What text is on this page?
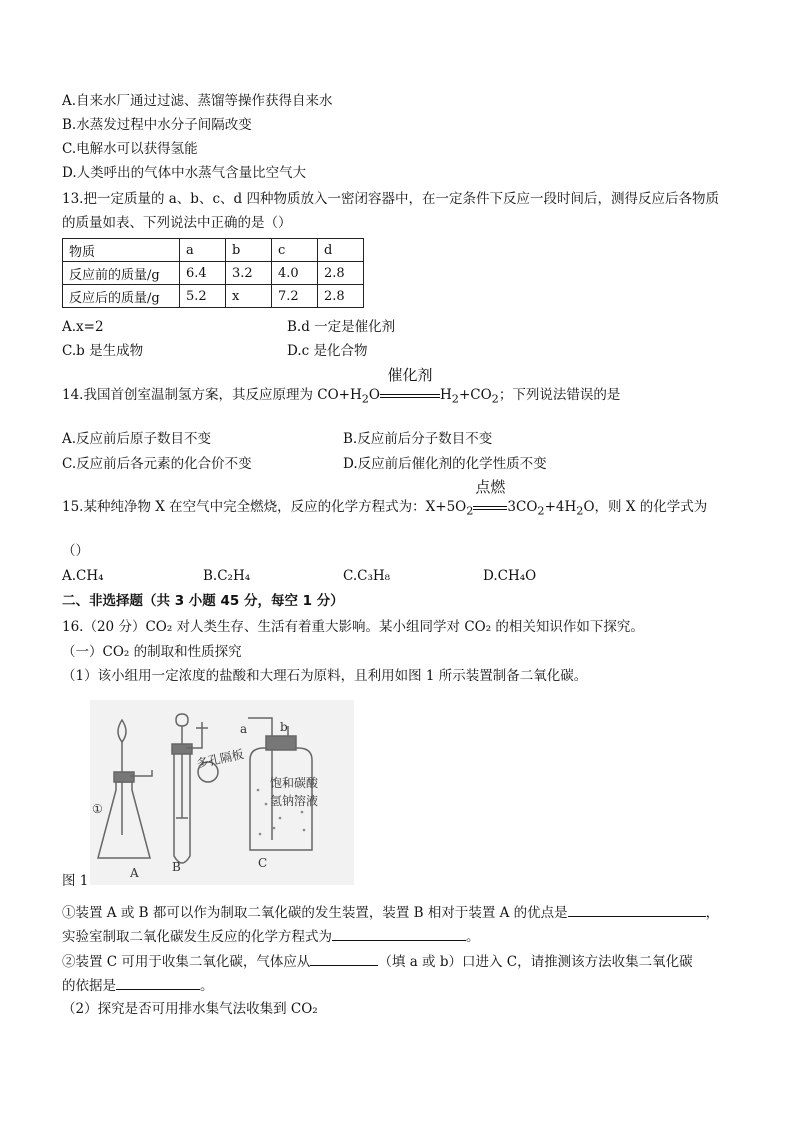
A.自来水厂通过过滤、蒸馏等操作获得自来水
B.水蒸发过程中水分子间隔改变
C.电解水可以获得氢能
D.人类呼出的气体中水蒸气含量比空气大
13.把一定质量的 a、b、c、d 四种物质放入一密闭容器中，在一定条件下反应一段时间后，测得反应后各物质
的质量如表、下列说法中正确的是（）
物质	a	b	c	d
反应前的质量/g	6.4	3.2	4.0	2.8
反应后的质量/g	5.2	x	7.2	2.8
A.x=2	B.d 一定是催化剂
C.b 是生成物	D.c 是化合物
14.我国首创室温制氢方案，其反应原理为 $CO+H_2O$
催化剂
$H_2+CO_2$；下列说法错误的是
A.反应前后原子数目不变	B.反应前后分子数目不变
C.反应前后各元素的化合价不变	D.反应前后催化剂的化学性质不变
15.某种纯净物 X 在空气中完全燃烧，反应的化学方程式为：$X+5O_2$
点燃
$3CO_2+4H_2O$，则 X 的化学式为
（）
A.CH₄	B.C₂H₄	C.C₃H₈	D.CH₄O
二、非选择题（共 3 小题 45 分，每空 1 分）
16.（20 分）CO₂ 对人类生存、生活有着重大影响。某小组同学对 CO₂ 的相关知识作如下探究。
（一）CO₂ 的制取和性质探究
（1）该小组用一定浓度的盐酸和大理石为原料，且利用如图 1 所示装置制备二氧化碳。
①
A	B	C
a	b
多孔隔板
饱和碳酸
氢钠溶液
图 1
①装置 A 或 B 都可以作为制取二氧化碳的发生装置，装置 B 相对于装置 A 的优点是	，
实验室制取二氧化碳发生反应的化学方程式为	。
②装置 C 可用于收集二氧化碳，气体应从	（填 a 或 b）口进入 C，请推测该方法收集二氧化碳
的依据是	。
（2）探究是否可用排水集气法收集到 CO₂
